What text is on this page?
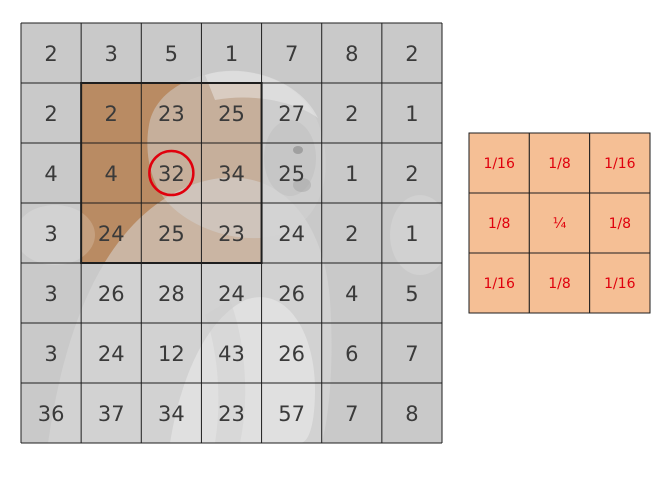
2 3 5 1 7 8 2
2 2 23 25 27 2 1
4 4 32 34 25 1 2
3 24 25 23 24 2 1
3 26 28 24 26 4 5
3 24 12 43 26 6 7
36 37 34 23 57 7 8
1/16 1/8 1/16
1/8	¼	1/8
1/16 1/8 1/16
